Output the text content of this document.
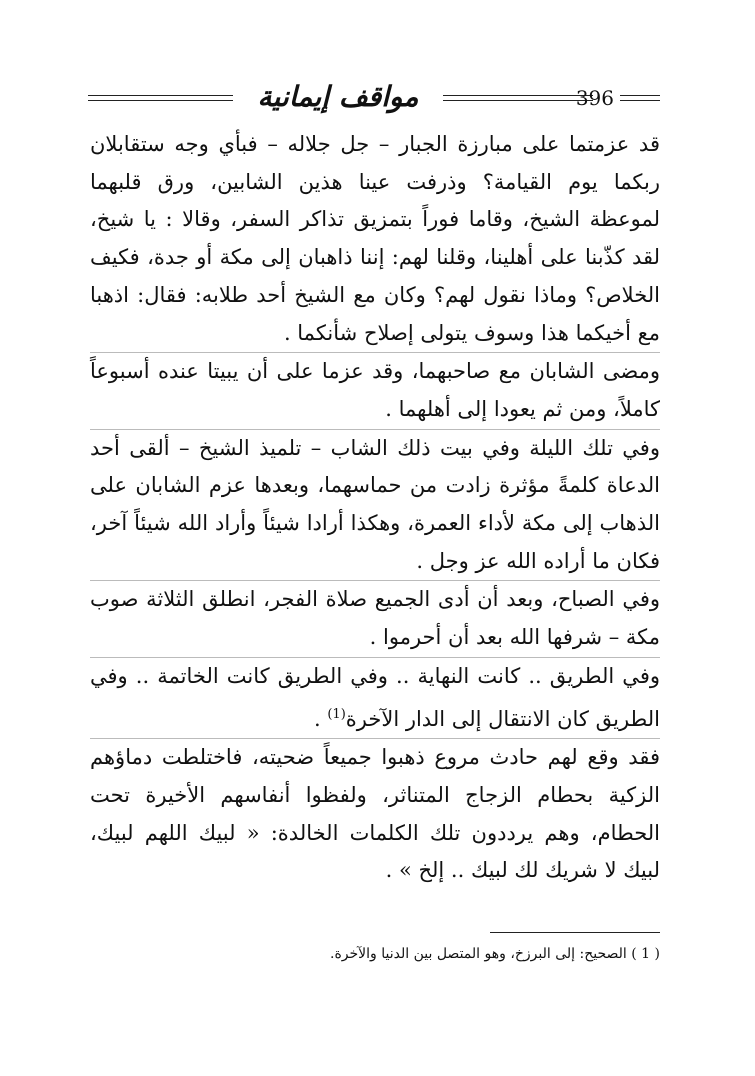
مواقف إيمانية	396

قد عزمتما على مبارزة الجبار – جل جلاله – فبأي وجه ستقابلان ربكما يوم القيامة؟ وذرفت عينا هذين الشابين، ورق قلبهما لموعظة الشيخ، وقاما فوراً بتمزيق تذاكر السفر، وقالا : يا شيخ، لقد كذّبنا على أهلينا، وقلنا لهم: إننا ذاهبان إلى مكة أو جدة، فكيف الخلاص؟ وماذا نقول لهم؟ وكان مع الشيخ أحد طلابه: فقال: اذهبا مع أخيكما هذا وسوف يتولى إصلاح شأنكما .

ومضى الشابان مع صاحبهما، وقد عزما على أن يبيتا عنده أسبوعاً كاملاً، ومن ثم يعودا إلى أهلهما .

وفي تلك الليلة وفي بيت ذلك الشاب – تلميذ الشيخ – ألقى أحد الدعاة كلمةً مؤثرة زادت من حماسهما، وبعدها عزم الشابان على الذهاب إلى مكة لأداء العمرة، وهكذا أرادا شيئاً وأراد الله شيئاً آخر، فكان ما أراده الله عز وجل .

وفي الصباح، وبعد أن أدى الجميع صلاة الفجر، انطلق الثلاثة صوب مكة – شرفها الله بعد أن أحرموا .

وفي الطريق .. كانت النهاية .. وفي الطريق كانت الخاتمة .. وفي الطريق كان الانتقال إلى الدار الآخرة$^{(1)}$ .

فقد وقع لهم حادث مروع ذهبوا جميعاً ضحيته، فاختلطت دماؤهم الزكية بحطام الزجاج المتناثر، ولفظوا أنفاسهم الأخيرة تحت الحطام، وهم يرددون تلك الكلمات الخالدة: « لبيك اللهم لبيك، لبيك لا شريك لك لبيك .. إلخ » .

( 1 ) الصحيح: إلى البرزخ، وهو المتصل بين الدنيا والآخرة.
